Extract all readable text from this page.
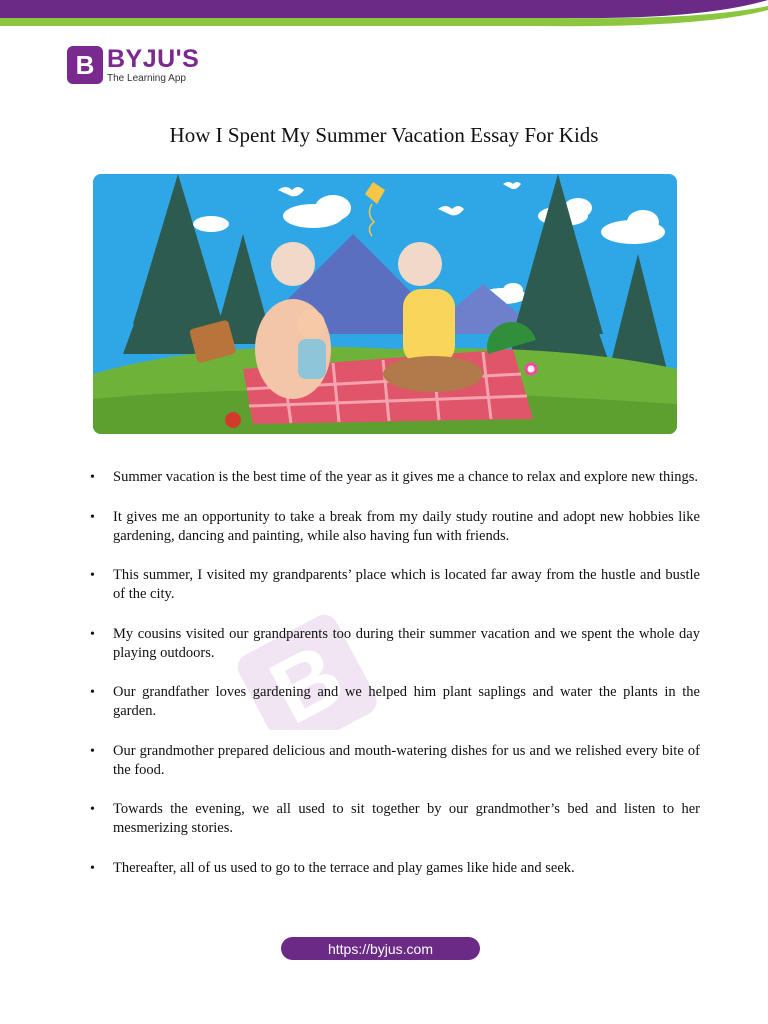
B BYJU'S
The Learning App
How I Spent My Summer Vacation Essay For Kids
B
• Summer vacation is the best time of the year as it gives me a chance to relax and explore new things.
• It gives me an opportunity to take a break from my daily study routine and adopt new hobbies like gardening, dancing and painting, while also having fun with friends.
• This summer, I visited my grandparents’ place which is located far away from the hustle and bustle of the city.
• My cousins visited our grandparents too during their summer vacation and we spent the whole day playing outdoors.
• Our grandfather loves gardening and we helped him plant saplings and water the plants in the garden.
• Our grandmother prepared delicious and mouth-watering dishes for us and we relished every bite of the food.
• Towards the evening, we all used to sit together by our grandmother’s bed and listen to her mesmerizing stories.
• Thereafter, all of us used to go to the terrace and play games like hide and seek.
https://byjus.com
